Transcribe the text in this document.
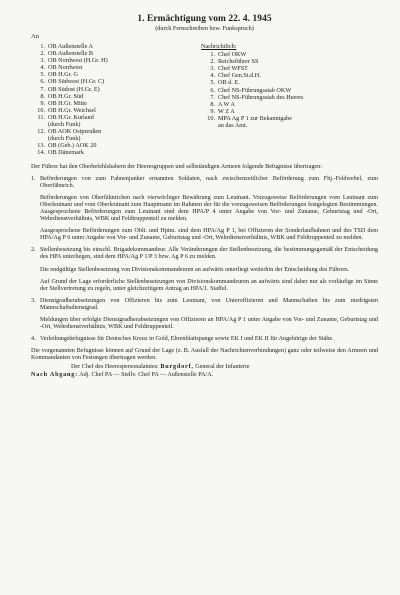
1. Ermächtigung vom 22. 4. 1945
(durch Fernschreiben bzw. Funkspruch)
An
1. OB Außenstelle A
2. OB Außenstelle B
3. OB Nordwest (H.Gr. H)
4. OB Nordwest
5. OB H.Gr. G
6. OB Südwest (H.Gr. C)
7. OB Südost (H.Gr. E)
8. OB H.Gr. Süd
9. OB H.Gr. Mitte
10. OB H.Gr. Weichsel
11. OB H.Gr. Kurland
(durch Funk)
12. OB AOK Ostpreußen
(durch Funk)
13. OB (Geb.) AOK 20
14. OB Dänemark
Nachrichtlich:
1. Chef OKW
2. Reichsführer SS
3. Chef WFST
4. Chef Gen.St.d.H.
5. OB d. E.
6. Chef NS-Führungsstab OKW
7. Chef NS-Führungsstab des Heeres
8. A W A
9. W Z A
10. MPA Ag P 1 zur Bekanntgabe
an das Amt.

Der Führer hat den Oberbefehlshabern der Heeresgruppen und selbständigen Armeen folgende Befugnisse übertragen:

1. Beförderungen von zum Fahnenjunker ernannten Soldaten, nach zwischenzeitlicher Beförderung zum Fhj.-Feldwebel, zum Oberfähnrich.

Beförderungen von Oberfähnrichen nach vierwöchiger Bewährung zum Leutnant. Vorzugsweise Beförderungen vom Leutnant zum Oberleutnant und vom Oberleutnant zum Hauptmann im Rahmen der für die vorzugsweisen Beförderungen festgelegten Bestimmungen. Ausgesprochene Beförderungen zum Leutnant sind dem HPA/P 4 unter Angabe von Vor- und Zuname, Geburtstag und -Ort, Wehrdienstverhältnis, WBK und Feldtruppenteil zu melden.

Ausgesprochene Beförderungen zum Oblt. und Hptm. sind dem HPA/Ag P 1, bei Offizieren der Sonderlaufbahnen und des TSD dem HPA/Ag P 6 unter Angabe von Vor- und Zuname, Geburtstag und -Ort, Wehrdienstverhältnis, WBK und Feldtruppenteil zu melden.

2. Stellenbesetzung bis einschl. Brigadekommandeur. Alle Veränderungen der Stellenbesetzung, die bestimmungsgemäß der Entscheidung des HPA unterliegen, sind dem HPA/Ag P 1/P 3 bzw. Ag P 6 zu melden.

Die endgültige Stellenbesetzung von Divisionskommandeuren an aufwärts unterliegt weiterhin der Entscheidung des Führers.

Auf Grund der Lage erforderliche Stellenbesetzungen von Divisionskommandeuren an aufwärts sind daher nur als vorläufige im Sinne der Stellvertretung zu regeln, unter gleichzeitigem Antrag an HPA/1. Staffel.

3. Dienstgradherabsetzungen von Offizieren bis zum Leutnant, von Unteroffizieren und Mannschaften bis zum niedrigsten Mannschaftsdienstgrad.

Meldungen über erfolgte Dienstgradherabsetzungen von Offizieren an HPA/Ag P 1 unter Angabe von Vor- und Zuname, Geburtstag und -Ort, Wehrdienstverhältnis, WBK und Feldtruppenteil.

4. Verleihungsbefugnisse für Deutsches Kreuz in Gold, Ehrenblattspange sowie EK I und EK II für Angehörige der Stäbe.

Die vorgenannten Befugnisse können auf Grund der Lage (z. B. Ausfall der Nachrichtenverbindungen) ganz oder teilweise den Armeen und Kommandanten von Festungen übertragen werden.

Der Chef des Heerespersonalamtes: Burgdorf, General der Infanterie
Nach Abgang: Adj. Chef PA — Stellv. Chef PA — Außenstelle PA/A.
